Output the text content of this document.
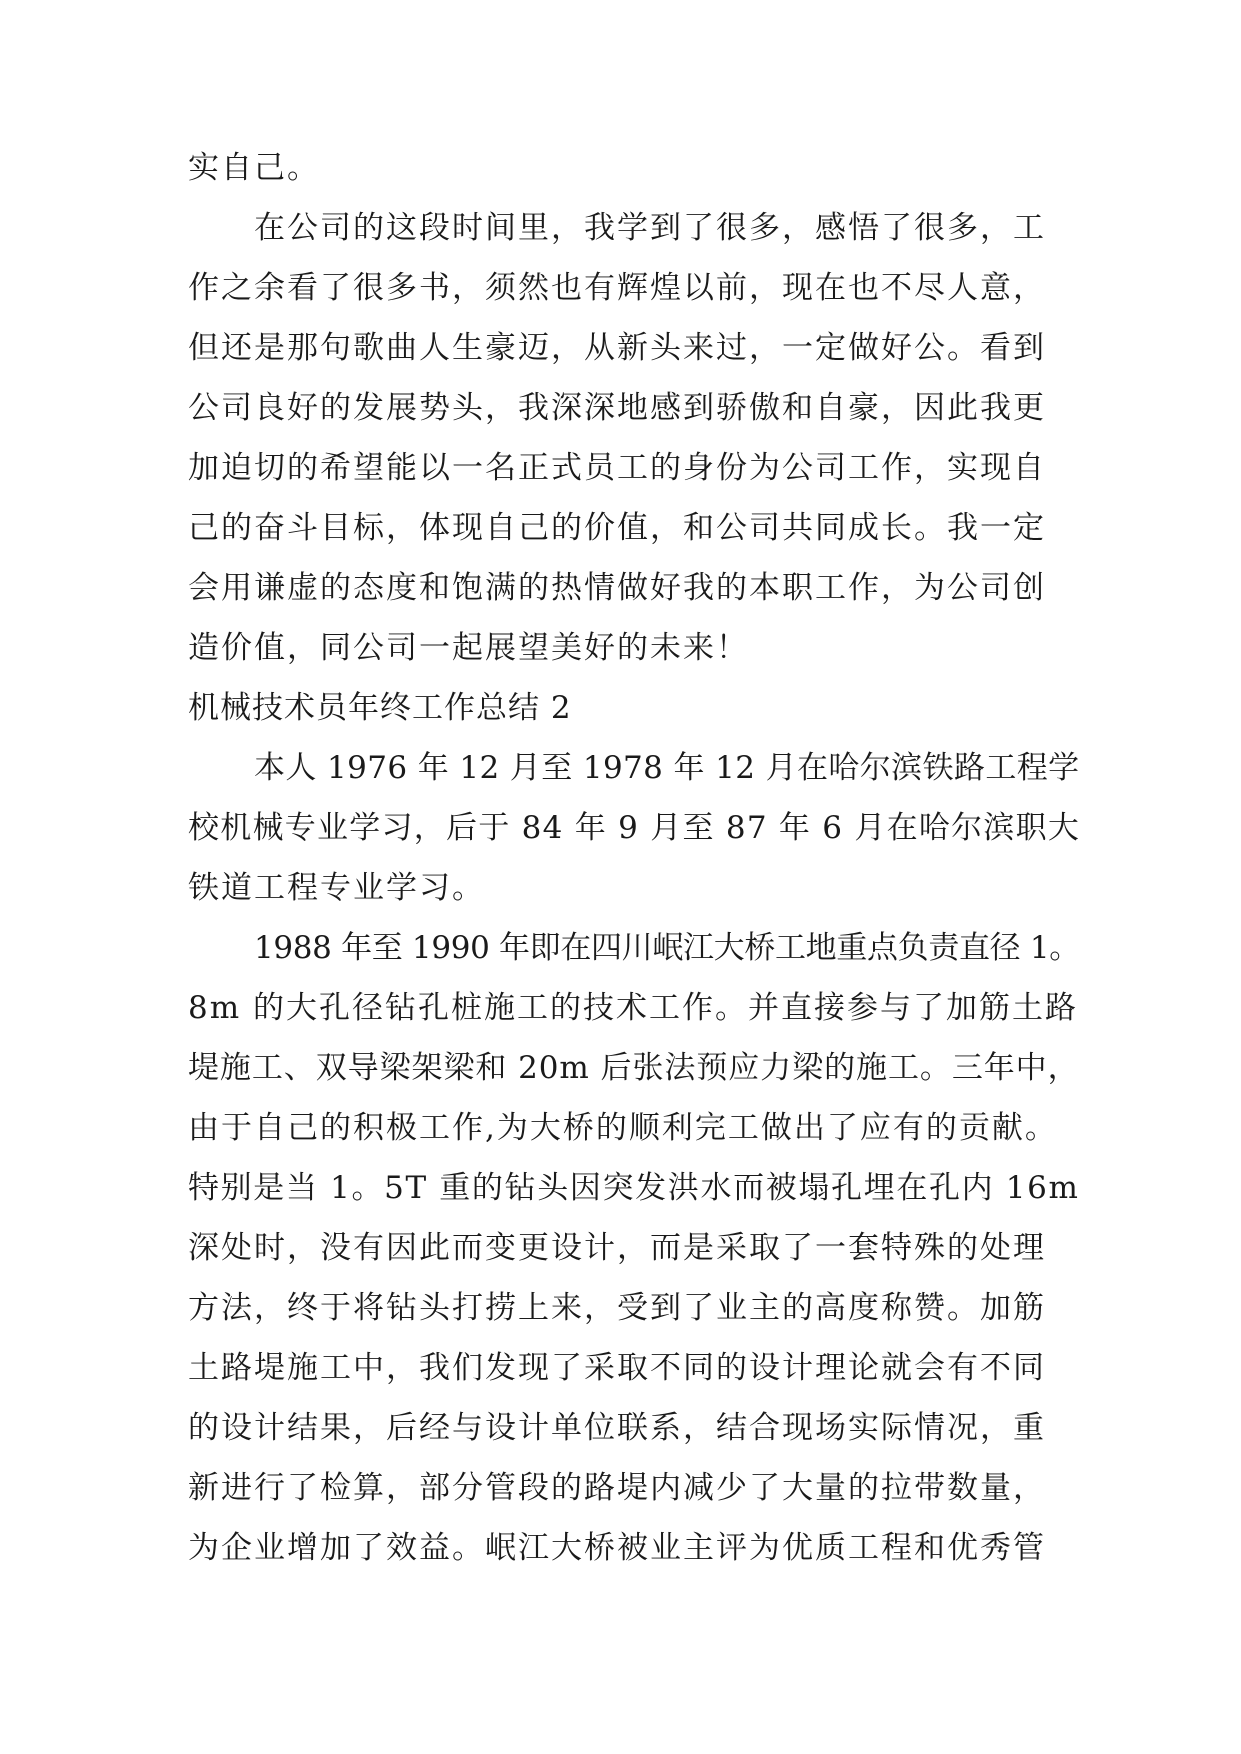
实自己。
在公司的这段时间里，我学到了很多，感悟了很多，工
作之余看了很多书，须然也有辉煌以前，现在也不尽人意，
但还是那句歌曲人生豪迈，从新头来过，一定做好公。看到
公司良好的发展势头，我深深地感到骄傲和自豪，因此我更
加迫切的希望能以一名正式员工的身份为公司工作，实现自
己的奋斗目标，体现自己的价值，和公司共同成长。我一定
会用谦虚的态度和饱满的热情做好我的本职工作，为公司创
造价值，同公司一起展望美好的未来！
机械技术员年终工作总结 2
本人 1976 年 12 月至 1978 年 12 月在哈尔滨铁路工程学
校机械专业学习，后于 84 年 9 月至 87 年 6 月在哈尔滨职大
铁道工程专业学习。
1988 年至 1990 年即在四川岷江大桥工地重点负责直径 1。
8m 的大孔径钻孔桩施工的技术工作。并直接参与了加筋土路
堤施工、双导梁架梁和 20m 后张法预应力梁的施工。三年中，
由于自己的积极工作,为大桥的顺利完工做出了应有的贡献。
特别是当 1。5T 重的钻头因突发洪水而被塌孔埋在孔内 16m
深处时，没有因此而变更设计，而是采取了一套特殊的处理
方法，终于将钻头打捞上来，受到了业主的高度称赞。加筋
土路堤施工中，我们发现了采取不同的设计理论就会有不同
的设计结果，后经与设计单位联系，结合现场实际情况，重
新进行了检算，部分管段的路堤内减少了大量的拉带数量，
为企业增加了效益。岷江大桥被业主评为优质工程和优秀管
